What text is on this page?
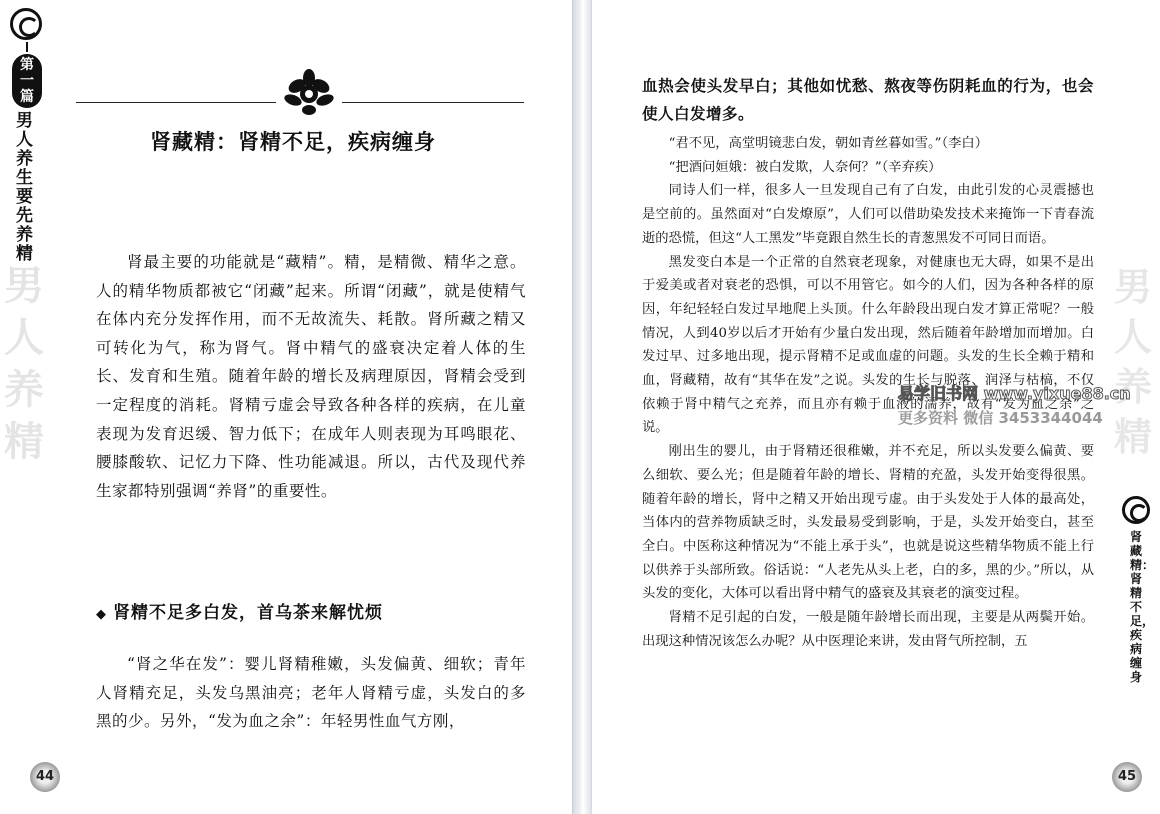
第
一
篇
男人养生要先养精
男人养精
肾藏精：肾精不足，疾病缠身

肾最主要的功能就是“藏精”。精，是精微、精华之意。人的精华物质都被它“闭藏”起来。所谓“闭藏”，就是使精气在体内充分发挥作用，而不无故流失、耗散。肾所藏之精又可转化为气，称为肾气。肾中精气的盛衰决定着人体的生长、发育和生殖。随着年龄的增长及病理原因，肾精会受到一定程度的消耗。肾精亏虚会导致各种各样的疾病，在儿童表现为发育迟缓、智力低下；在成年人则表现为耳鸣眼花、腰膝酸软、记忆力下降、性功能减退。所以，古代及现代养生家都特别强调“养肾”的重要性。

◆ 肾精不足多白发，首乌茶来解忧烦

“肾之华在发”：婴儿肾精稚嫩，头发偏黄、细软；青年人肾精充足，头发乌黑油亮；老年人肾精亏虚，头发白的多黑的少。另外，“发为血之余”：年轻男性血气方刚，

44
血热会使头发早白；其他如忧愁、熬夜等伤阴耗血的行为，也会使人白发增多。

“君不见，高堂明镜悲白发，朝如青丝暮如雪。”（李白）

“把酒问姮娥：被白发欺，人奈何？”（辛弃疾）

同诗人们一样，很多人一旦发现自己有了白发，由此引发的心灵震撼也是空前的。虽然面对“白发燎原”，人们可以借助染发技术来掩饰一下青春流逝的恐慌，但这“人工黑发”毕竟跟自然生长的青葱黑发不可同日而语。

黑发变白本是一个正常的自然衰老现象，对健康也无大碍，如果不是出于爱美或者对衰老的恐惧，可以不用管它。如今的人们，因为各种各样的原因，年纪轻轻白发过早地爬上头顶。什么年龄段出现白发才算正常呢？一般情况，人到40岁以后才开始有少量白发出现，然后随着年龄增加而增加。白发过早、过多地出现，提示肾精不足或血虚的问题。头发的生长全赖于精和血，肾藏精，故有“其华在发”之说。头发的生长与脱落、润泽与枯槁，不仅依赖于肾中精气之充养，而且亦有赖于血液的濡养，故有“发为血之余”之说。

刚出生的婴儿，由于肾精还很稚嫩，并不充足，所以头发要么偏黄、要么细软、要么光；但是随着年龄的增长、肾精的充盈，头发开始变得很黑。随着年龄的增长，肾中之精又开始出现亏虚。由于头发处于人体的最高处，当体内的营养物质缺乏时，头发最易受到影响，于是，头发开始变白，甚至全白。中医称这种情况为“不能上承于头”，也就是说这些精华物质不能上行以供养于头部所致。俗话说：“人老先从头上老，白的多，黑的少。”所以，从头发的变化，大体可以看出肾中精气的盛衰及其衰老的演变过程。

肾精不足引起的白发，一般是随年龄增长而出现，主要是从两鬓开始。出现这种情况该怎么办呢？从中医理论来讲，发由肾气所控制，五

男人养精
肾藏精：肾精不足，疾病缠身
45
易学旧书网 www.yixue88.cn
更多资料 微信 3453344044
